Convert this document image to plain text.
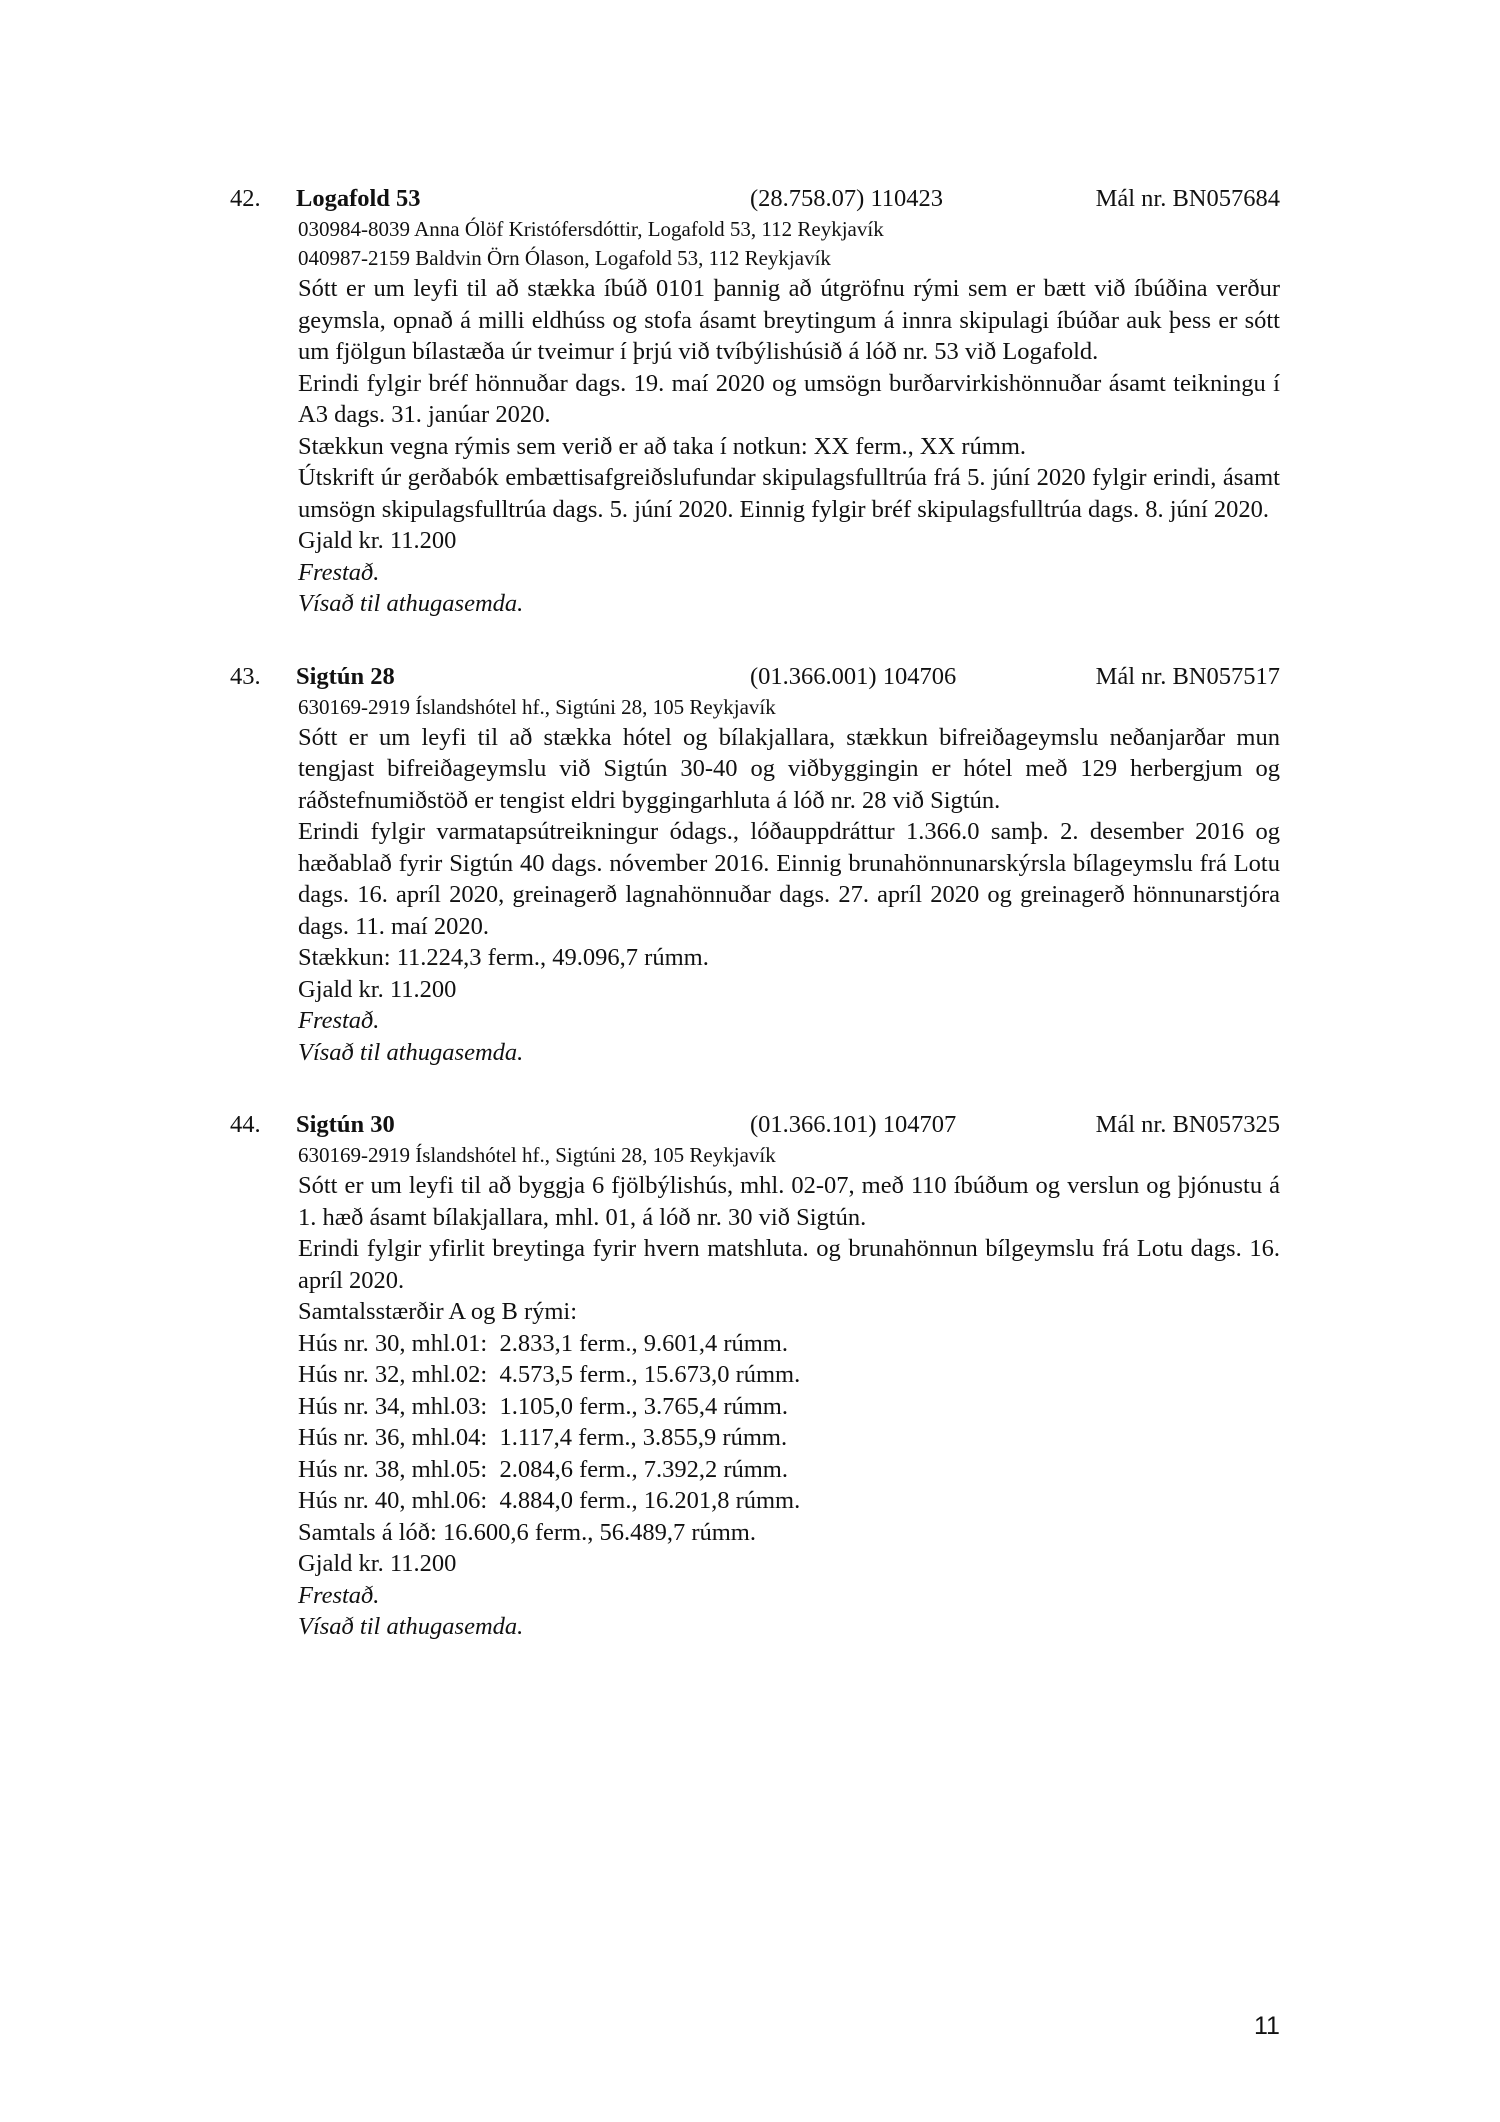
42. Logafold 53	(28.758.07) 110423	Mál nr. BN057684
030984-8039 Anna Ólöf Kristófersdóttir, Logafold 53, 112 Reykjavík
040987-2159 Baldvin Örn Ólason, Logafold 53, 112 Reykjavík
Sótt er um leyfi til að stækka íbúð 0101 þannig að útgröfnu rými sem er bætt við íbúðina verður geymsla, opnað á milli eldhúss og stofa ásamt breytingum á innra skipulagi íbúðar auk þess er sótt um fjölgun bílastæða úr tveimur í þrjú við tvíbýlishúsið á lóð nr. 53 við Logafold.
Erindi fylgir bréf hönnuðar dags. 19. maí 2020 og umsögn burðarvirkishönnuðar ásamt teikningu í A3 dags. 31. janúar 2020.
Stækkun vegna rýmis sem verið er að taka í notkun: XX ferm., XX rúmm.
Útskrift úr gerðabók embættisafgreiðslufundar skipulagsfulltrúa frá 5. júní 2020 fylgir erindi, ásamt umsögn skipulagsfulltrúa dags. 5. júní 2020. Einnig fylgir bréf skipulagsfulltrúa dags. 8. júní 2020.
Gjald kr. 11.200
Frestað.
Vísað til athugasemda.
43. Sigtún 28	(01.366.001) 104706	Mál nr. BN057517
630169-2919 Íslandshótel hf., Sigtúni 28, 105 Reykjavík
Sótt er um leyfi til að stækka hótel og bílakjallara, stækkun bifreiðageymslu neðanjarðar mun tengjast bifreiðageymslu við Sigtún 30-40 og viðbyggingin er hótel með 129 herbergjum og ráðstefnumiðstöð er tengist eldri byggingarhluta á lóð nr. 28 við Sigtún.
Erindi fylgir varmatapsútreikningur ódags., lóðauppdráttur 1.366.0 samþ. 2. desember 2016 og hæðablað fyrir Sigtún 40 dags. nóvember 2016. Einnig brunahönnunarskýrsla bílageymslu frá Lotu dags. 16. apríl 2020, greinagerð lagnahönnuðar dags. 27. apríl 2020 og greinagerð hönnunarstjóra dags. 11. maí 2020.
Stækkun: 11.224,3 ferm., 49.096,7 rúmm.
Gjald kr. 11.200
Frestað.
Vísað til athugasemda.
44. Sigtún 30	(01.366.101) 104707	Mál nr. BN057325
630169-2919 Íslandshótel hf., Sigtúni 28, 105 Reykjavík
Sótt er um leyfi til að byggja 6 fjölbýlishús, mhl. 02-07, með 110 íbúðum og verslun og þjónustu á 1. hæð ásamt bílakjallara, mhl. 01, á lóð nr. 30 við Sigtún.
Erindi fylgir yfirlit breytinga fyrir hvern matshluta. og brunahönnun bílgeymslu frá Lotu dags. 16. apríl 2020.
Samtalsstærðir A og B rými:
Hús nr. 30, mhl.01:  2.833,1 ferm., 9.601,4 rúmm.
Hús nr. 32, mhl.02:  4.573,5 ferm., 15.673,0 rúmm.
Hús nr. 34, mhl.03:  1.105,0 ferm., 3.765,4 rúmm.
Hús nr. 36, mhl.04:  1.117,4 ferm., 3.855,9 rúmm.
Hús nr. 38, mhl.05:  2.084,6 ferm., 7.392,2 rúmm.
Hús nr. 40, mhl.06:  4.884,0 ferm., 16.201,8 rúmm.
Samtals á lóð: 16.600,6 ferm., 56.489,7 rúmm.
Gjald kr. 11.200
Frestað.
Vísað til athugasemda.
11
